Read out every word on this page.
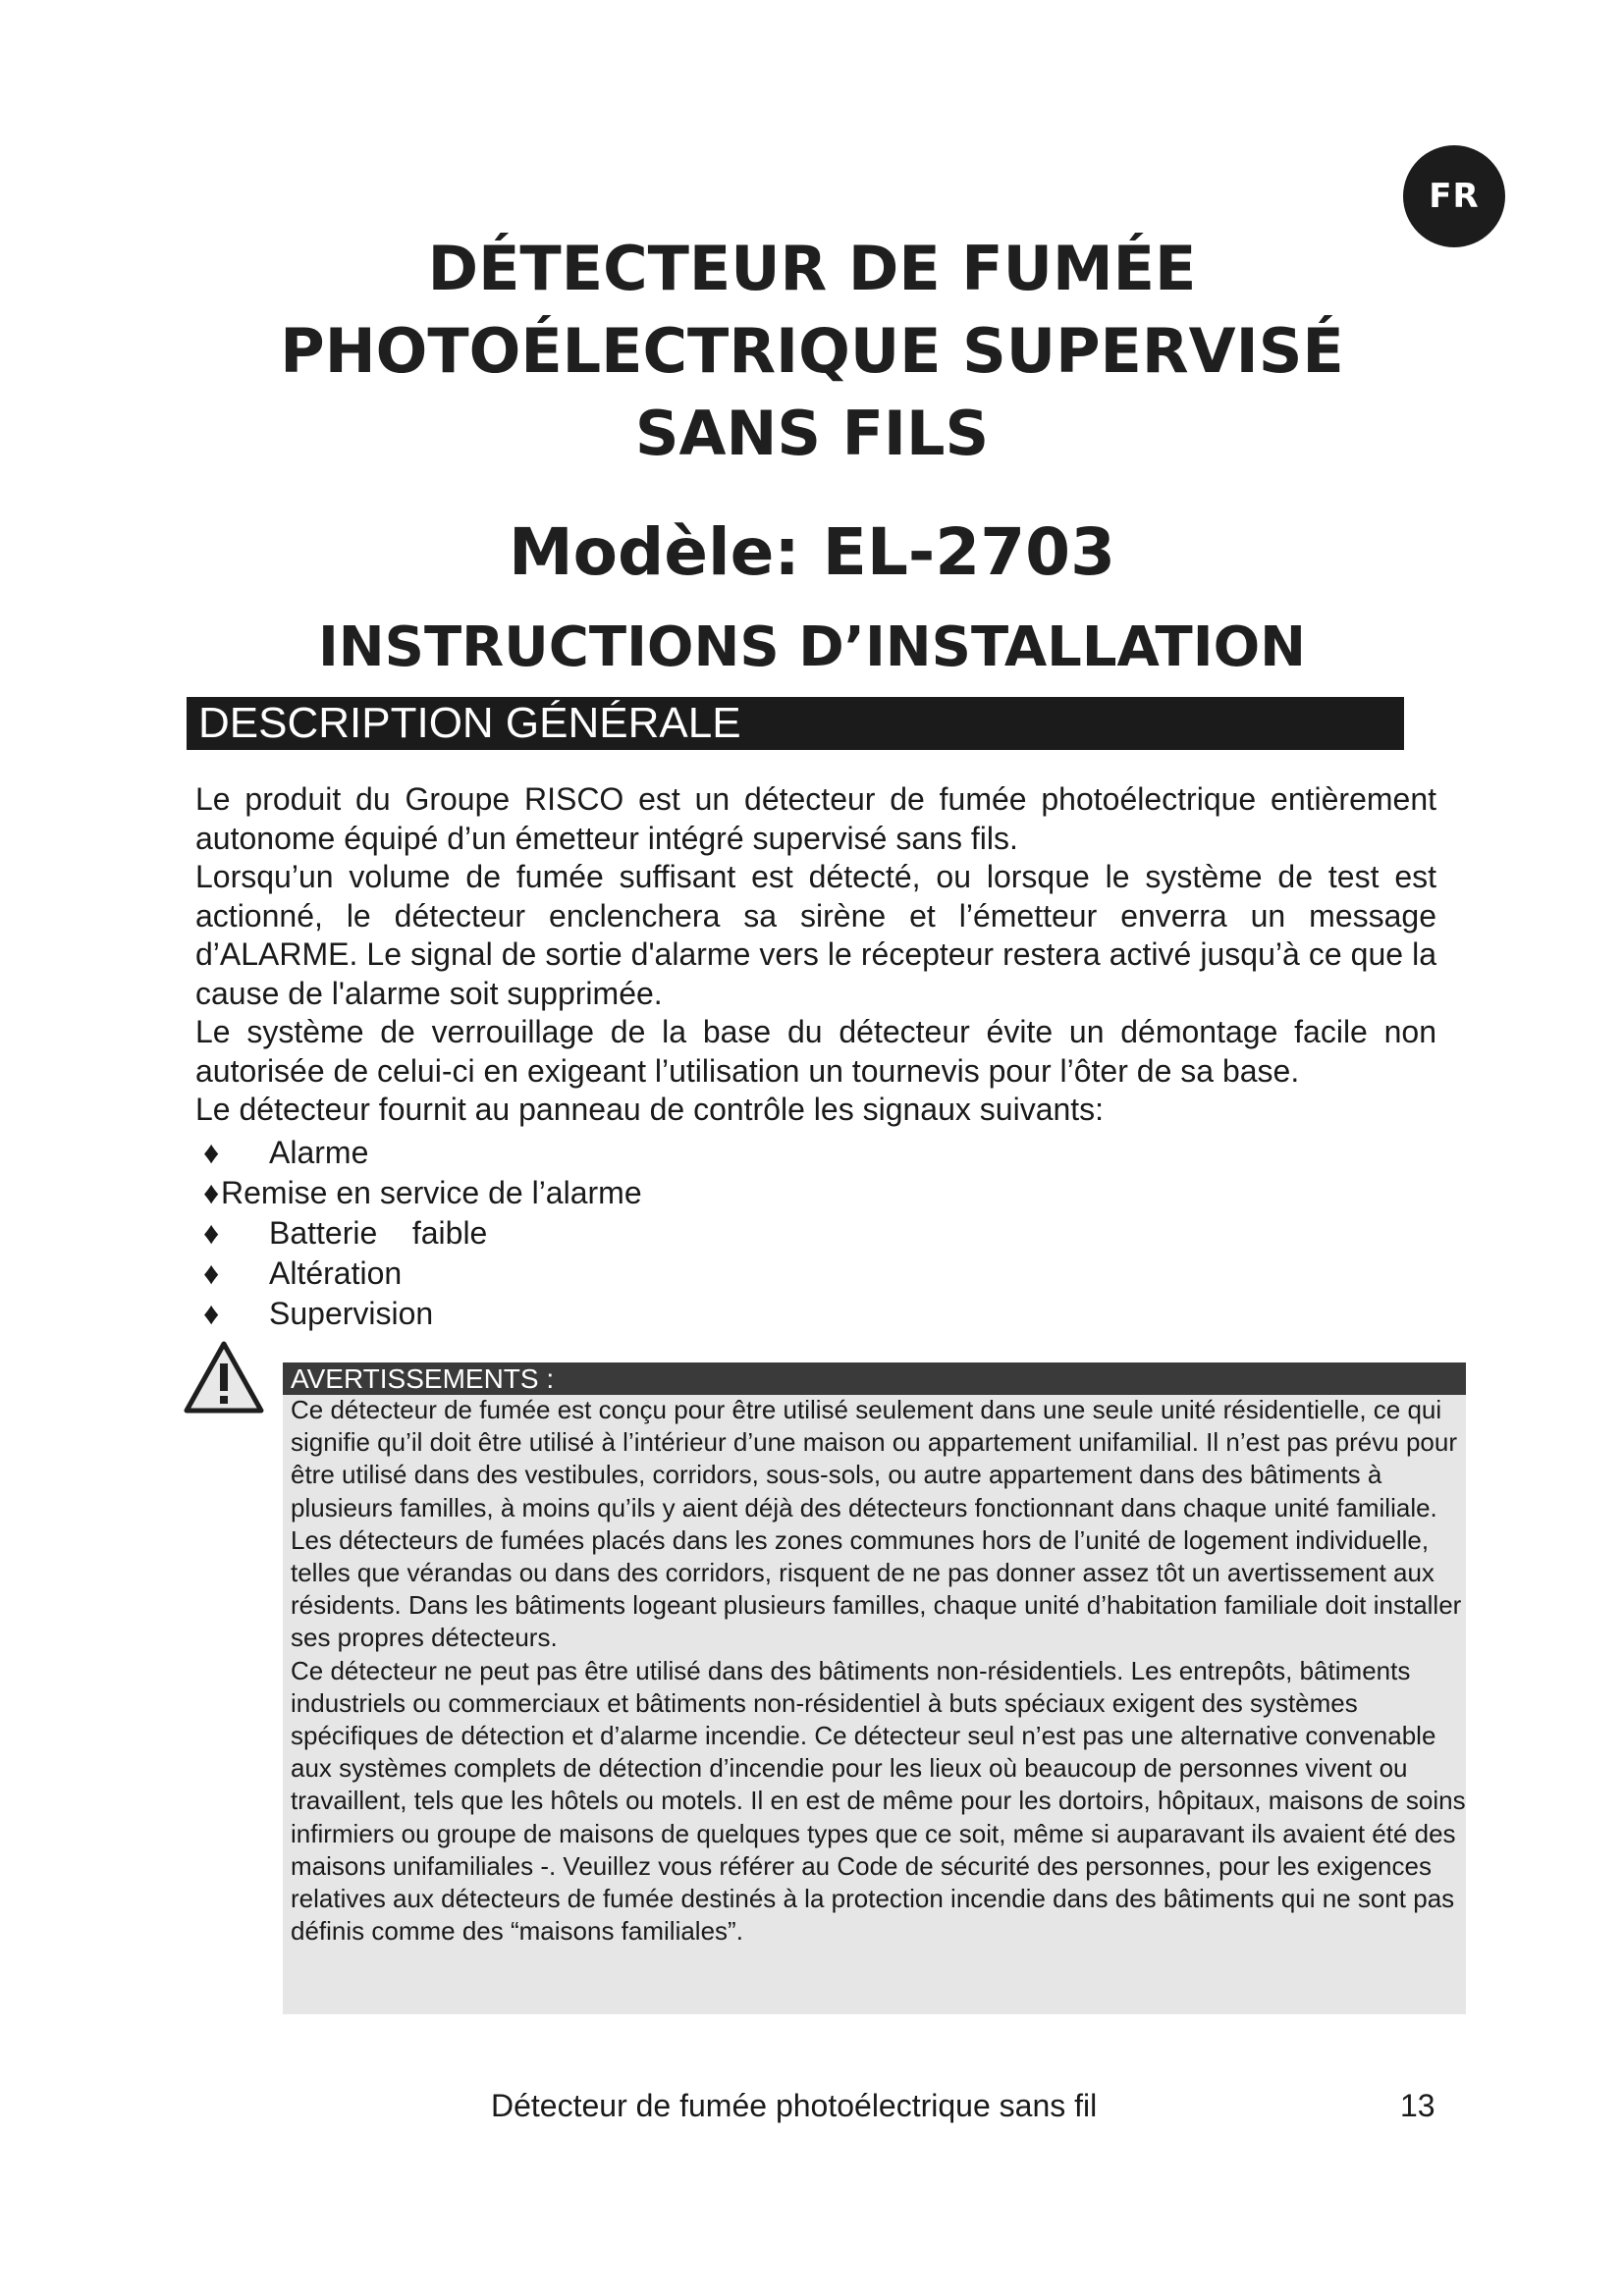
FR
DÉTECTEUR DE FUMÉE
PHOTOÉLECTRIQUE SUPERVISÉ
SANS FILS
Modèle: EL-2703
INSTRUCTIONS D’INSTALLATION
DESCRIPTION GÉNÉRALE

Le produit du Groupe RISCO est un détecteur de fumée photoélectrique entièrement autonome équipé d’un émetteur intégré supervisé sans fils.

Lorsqu’un volume de fumée suffisant est détecté, ou lorsque le système de test est actionné, le détecteur enclenchera sa sirène et l’émetteur enverra un message d’ALARME. Le signal de sortie d'alarme vers le récepteur restera activé jusqu’à ce que la cause de l'alarme soit supprimée.

Le système de verrouillage de la base du détecteur évite un démontage facile non autorisée de celui-ci en exigeant l’utilisation un tournevis pour l’ôter de sa base.

Le détecteur fournit au panneau de contrôle les signaux suivants:

♦	Alarme
♦ Remise en service de l’alarme
♦	Batterie    faible
♦	Altération
♦	Supervision
AVERTISSEMENTS :

Ce détecteur de fumée est conçu pour être utilisé seulement dans une seule unité résidentielle, ce qui signifie qu’il doit être utilisé à l’intérieur d’une maison ou appartement unifamilial. Il n’est pas prévu pour être utilisé dans des vestibules, corridors, sous-sols, ou autre appartement dans des bâtiments à plusieurs familles, à moins qu’ils y aient déjà des détecteurs fonctionnant dans chaque unité familiale. Les détecteurs de fumées placés dans les zones communes hors de l’unité de logement individuelle, telles que vérandas ou dans des corridors, risquent de ne pas donner assez tôt un avertissement aux résidents. Dans les bâtiments logeant plusieurs familles, chaque unité d’habitation familiale doit installer ses propres détecteurs.

Ce détecteur ne peut pas être utilisé dans des bâtiments non-résidentiels. Les entrepôts, bâtiments industriels ou commerciaux et bâtiments non-résidentiel à buts spéciaux exigent des systèmes spécifiques de détection et d’alarme incendie. Ce détecteur seul n’est pas une alternative convenable aux systèmes complets de détection d’incendie pour les lieux où beaucoup de personnes vivent ou travaillent, tels que les hôtels ou motels. Il en est de même pour les dortoirs, hôpitaux, maisons de soins infirmiers ou groupe de maisons de quelques types que ce soit, même si auparavant ils avaient été des maisons unifamiliales -. Veuillez vous référer au Code de sécurité des personnes, pour les exigences relatives aux détecteurs de fumée destinés à la protection incendie dans des bâtiments qui ne sont pas définis comme des “maisons familiales”.

Détecteur de fumée photoélectrique sans fil	13
